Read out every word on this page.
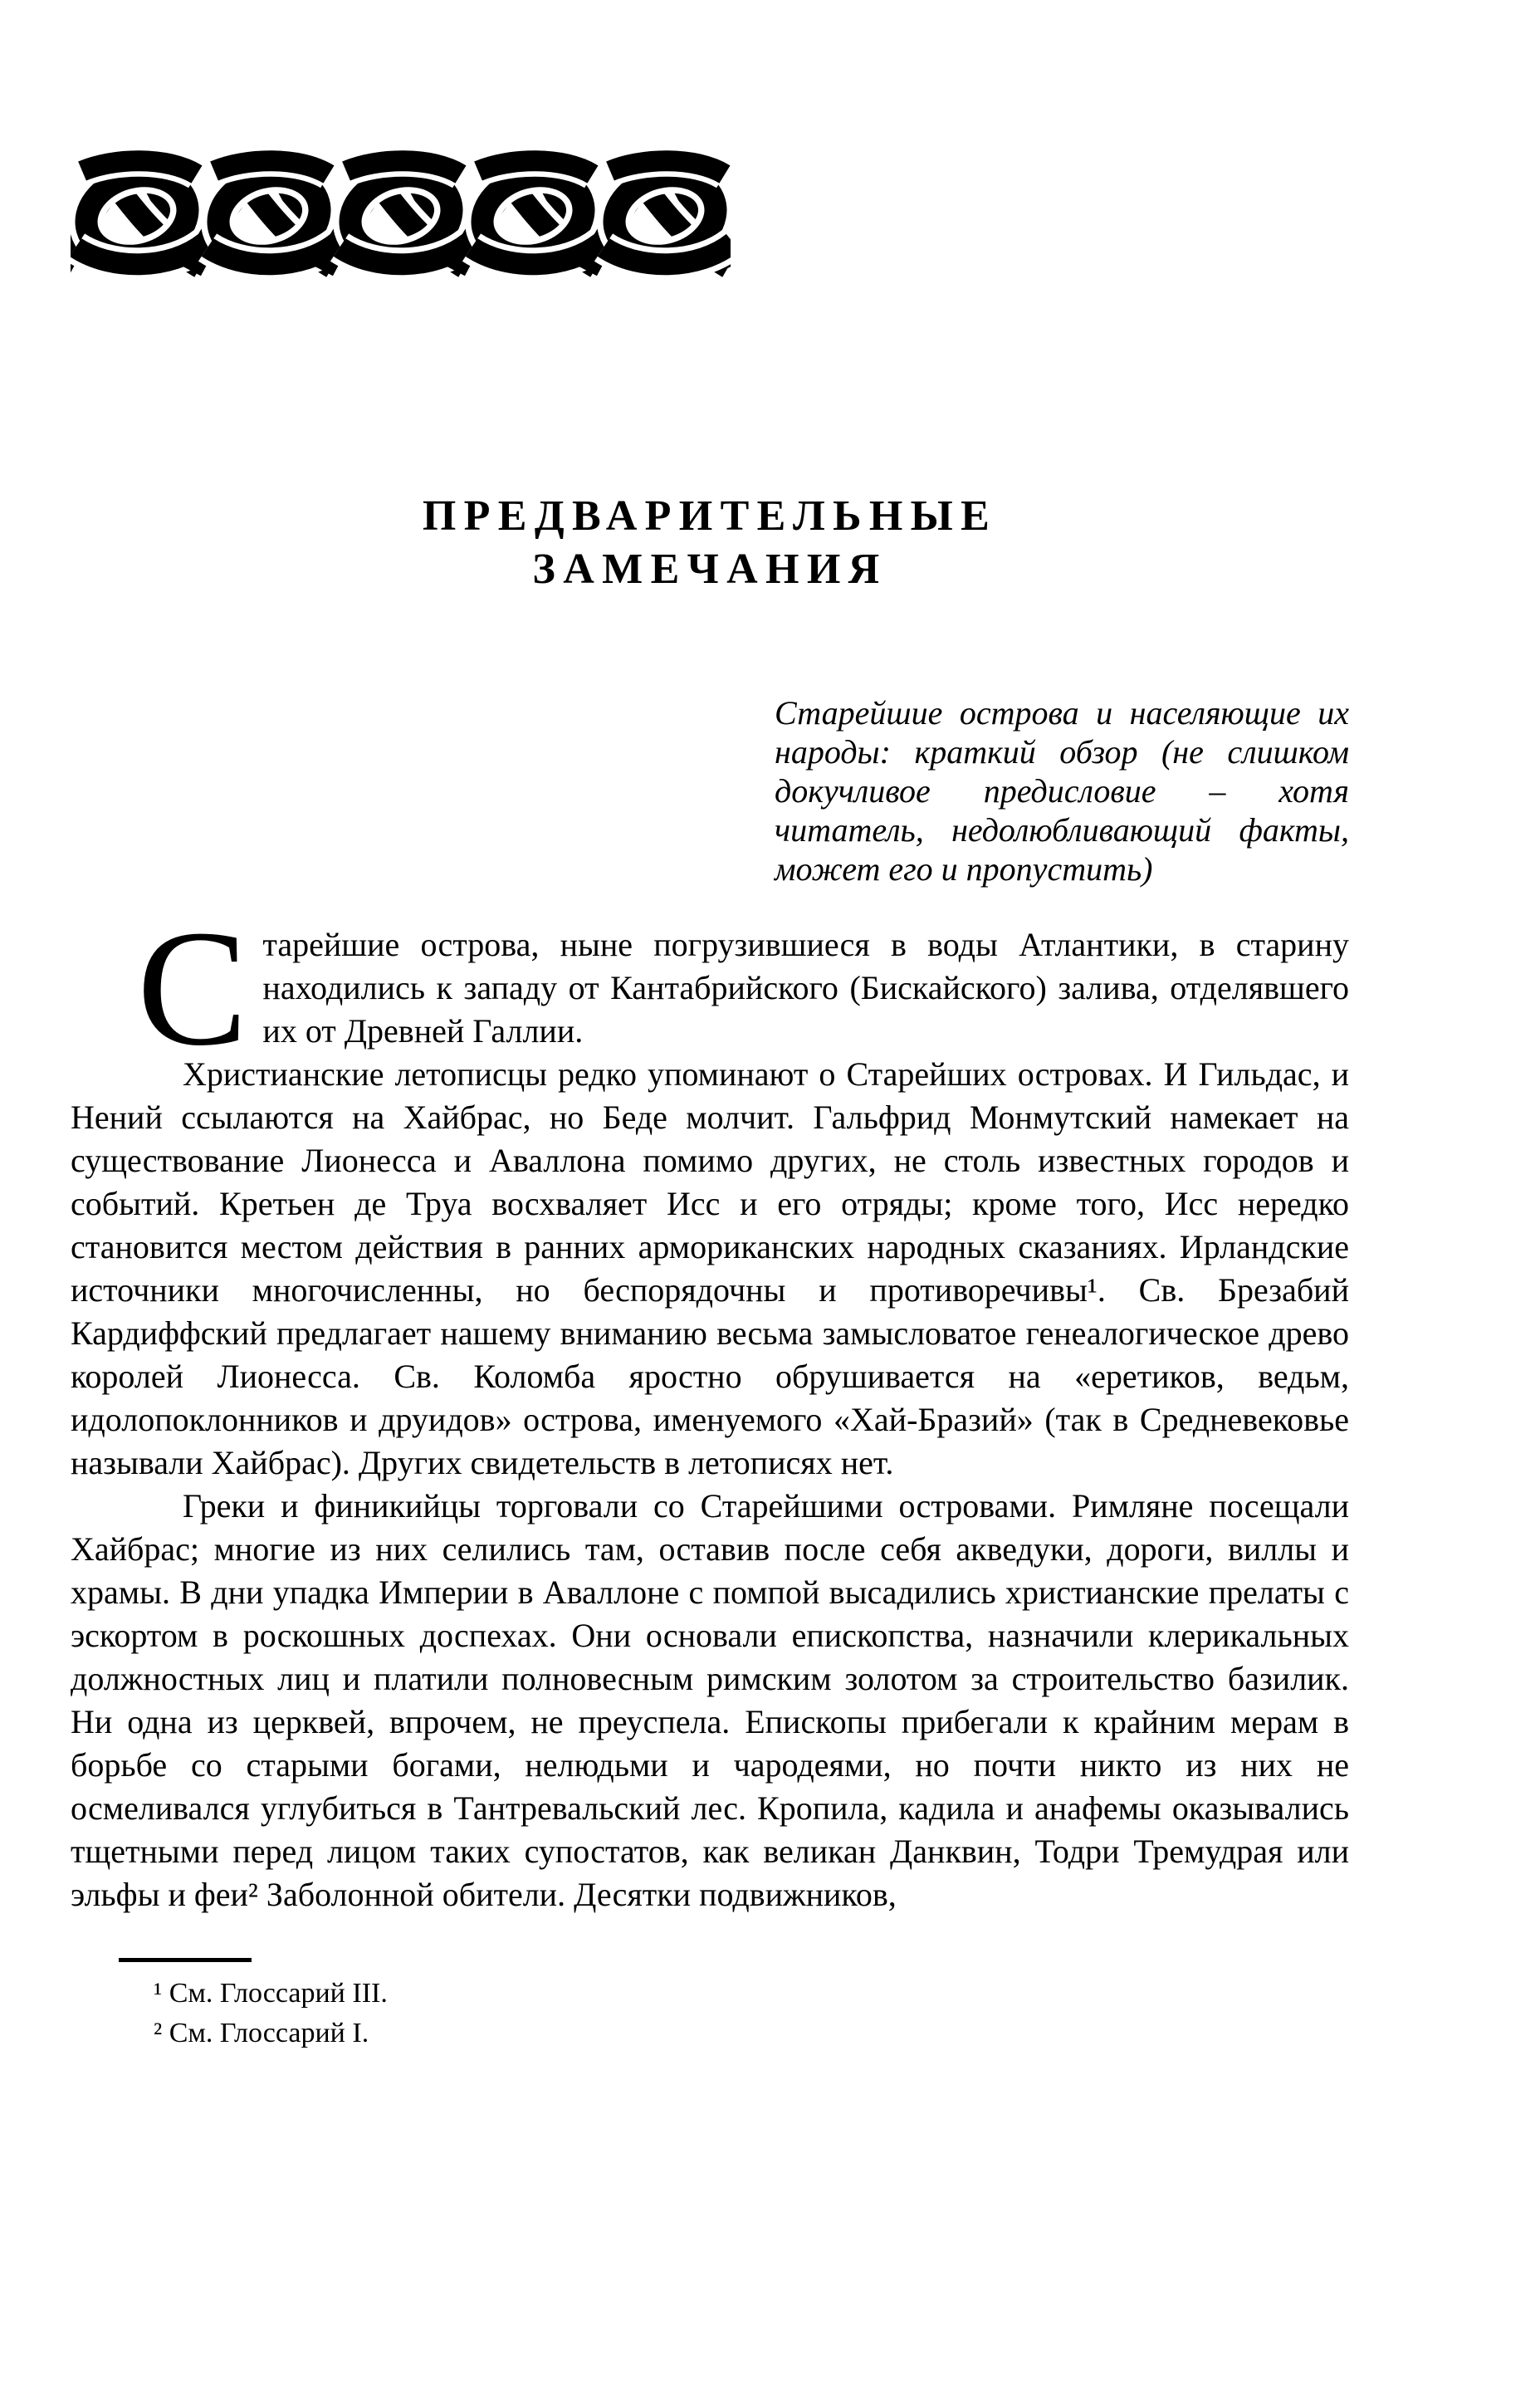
ПРЕДВАРИТЕЛЬНЫЕ
ЗАМЕЧАНИЯ
Старейшие острова и населяющие их народы: краткий обзор (не слишком докучливое предисловие – хотя читатель, недолюбливающий факты, может его и пропустить)

Старейшие острова, ныне погрузившиеся в воды Атлантики, в старину находились к западу от Кантабрийского (Бискайского) залива, отделявшего их от Древней Галлии.

Христианские летописцы редко упоминают о Старейших островах. И Гильдас, и Нений ссылаются на Хайбрас, но Беде молчит. Гальфрид Монмутский намекает на существование Лионесса и Аваллона помимо других, не столь известных городов и событий. Кретьен де Труа восхваляет Исс и его отряды; кроме того, Исс нередко становится местом действия в ранних армориканских народных сказаниях. Ирландские источники многочисленны, но беспорядочны и противоречивы¹. Св. Брезабий Кардиффский предлагает нашему вниманию весьма замысловатое генеалогическое древо королей Лионесса. Св. Коломба яростно обрушивается на «еретиков, ведьм, идолопоклонников и друидов» острова, именуемого «Хай-Бразий» (так в Средневековье называли Хайбрас). Других свидетельств в летописях нет.

Греки и финикийцы торговали со Старейшими островами. Римляне посещали Хайбрас; многие из них селились там, оставив после себя акведуки, дороги, виллы и храмы. В дни упадка Империи в Аваллоне с помпой высадились христианские прелаты с эскортом в роскошных доспехах. Они основали епископства, назначили клерикальных должностных лиц и платили полновесным римским золотом за строительство базилик. Ни одна из церквей, впрочем, не преуспела. Епископы прибегали к крайним мерам в борьбе со старыми богами, нелюдьми и чародеями, но почти никто из них не осмеливался углубиться в Тантревальский лес. Кропила, кадила и анафемы оказывались тщетными перед лицом таких супостатов, как великан Данквин, Тодри Тремудрая или эльфы и феи² Заболонной обители. Десятки подвижников,

¹ См. Глоссарий III.

² См. Глоссарий I.
